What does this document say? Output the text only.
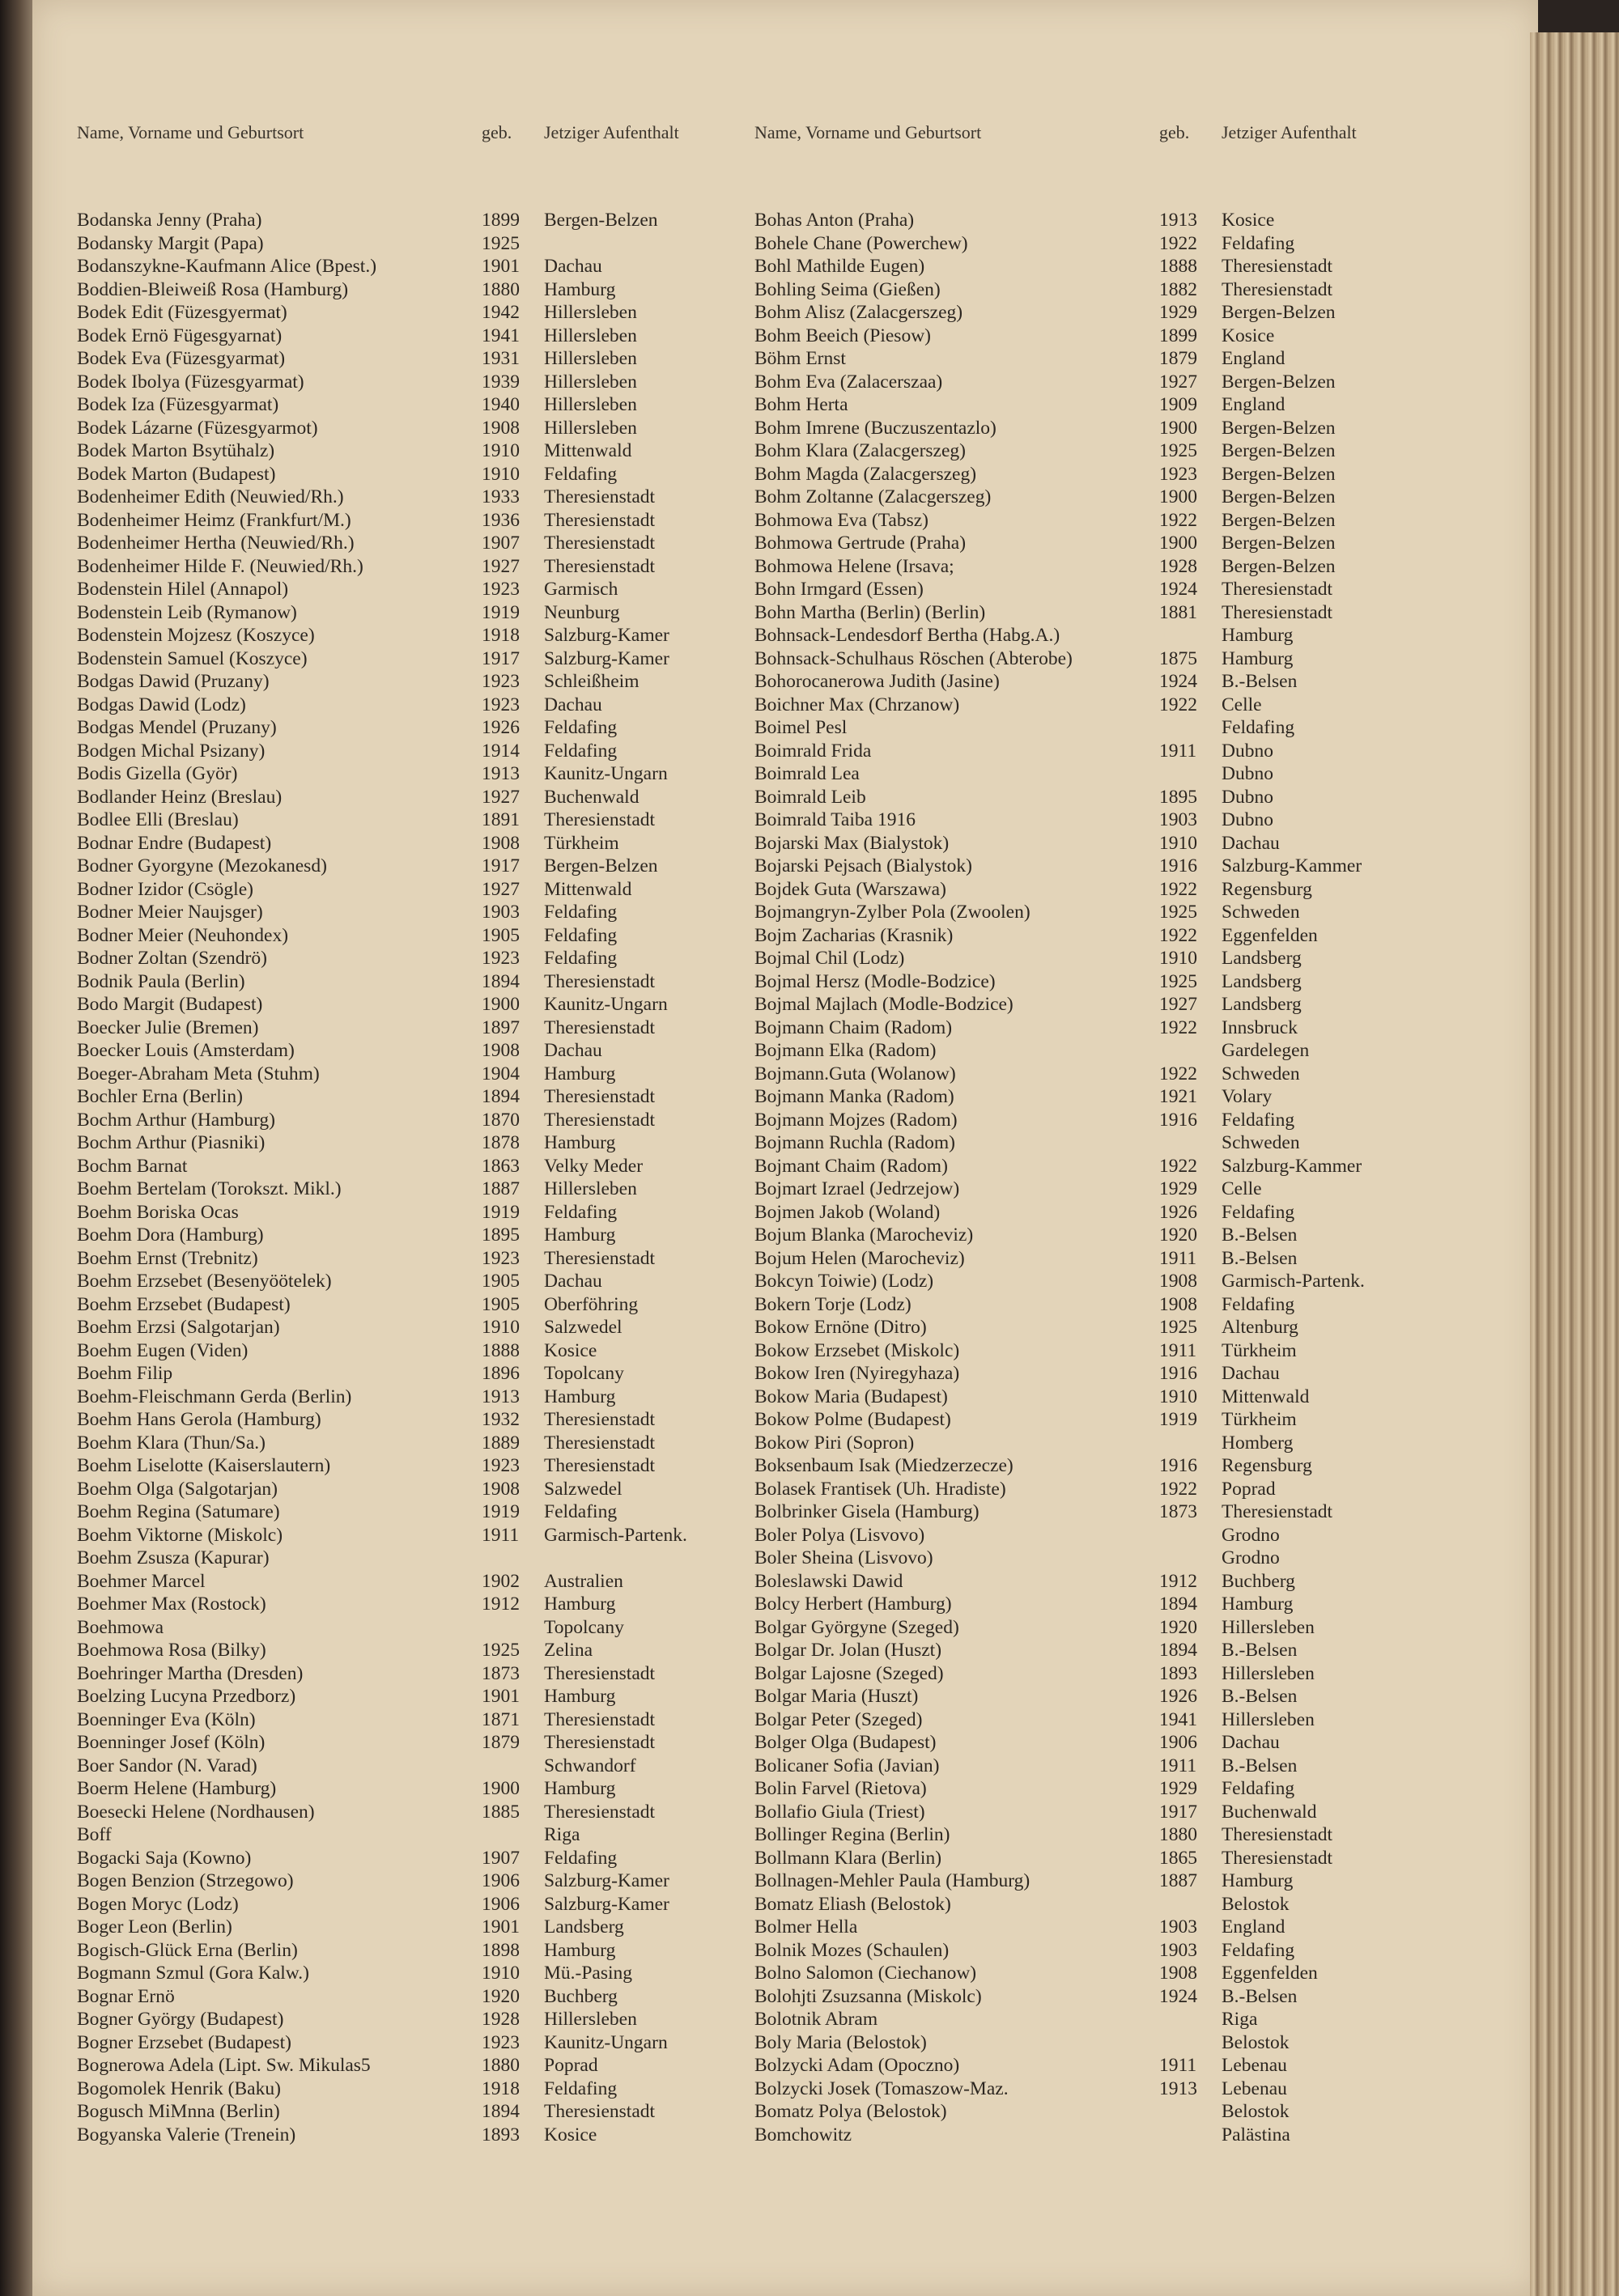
Name, Vorname und Geburtsort	geb.	Jetziger Aufenthalt
Bodanska Jenny (Praha)	1899	Bergen-Belzen
Bodansky Margit (Papa)	1925
Bodanszykne-Kaufmann Alice (Bpest.)	1901	Dachau
Boddien-Bleiweiß Rosa (Hamburg)	1880	Hamburg
Bodek Edit (Füzesgyermat)	1942	Hillersleben
Bodek Ernö Fügesgyarnat)	1941	Hillersleben
Bodek Eva (Füzesgyarmat)	1931	Hillersleben
Bodek Ibolya (Füzesgyarmat)	1939	Hillersleben
Bodek Iza (Füzesgyarmat)	1940	Hillersleben
Bodek Lázarne (Füzesgyarmot)	1908	Hillersleben
Bodek Marton Bsytühalz)	1910	Mittenwald
Bodek Marton (Budapest)	1910	Feldafing
Bodenheimer Edith (Neuwied/Rh.)	1933	Theresienstadt
Bodenheimer Heimz (Frankfurt/M.)	1936	Theresienstadt
Bodenheimer Hertha (Neuwied/Rh.)	1907	Theresienstadt
Bodenheimer Hilde F. (Neuwied/Rh.)	1927	Theresienstadt
Bodenstein Hilel (Annapol)	1923	Garmisch
Bodenstein Leib (Rymanow)	1919	Neunburg
Bodenstein Mojzesz (Koszyce)	1918	Salzburg-Kamer
Bodenstein Samuel (Koszyce)	1917	Salzburg-Kamer
Bodgas Dawid (Pruzany)	1923	Schleißheim
Bodgas Dawid (Lodz)	1923	Dachau
Bodgas Mendel (Pruzany)	1926	Feldafing
Bodgen Michal Psizany)	1914	Feldafing
Bodis Gizella (Györ)	1913	Kaunitz-Ungarn
Bodlander Heinz (Breslau)	1927	Buchenwald
Bodlee Elli (Breslau)	1891	Theresienstadt
Bodnar Endre (Budapest)	1908	Türkheim
Bodner Gyorgyne (Mezokanesd)	1917	Bergen-Belzen
Bodner Izidor (Csögle)	1927	Mittenwald
Bodner Meier Naujsger)	1903	Feldafing
Bodner Meier (Neuhondex)	1905	Feldafing
Bodner Zoltan (Szendrö)	1923	Feldafing
Bodnik Paula (Berlin)	1894	Theresienstadt
Bodo Margit (Budapest)	1900	Kaunitz-Ungarn
Boecker Julie (Bremen)	1897	Theresienstadt
Boecker Louis (Amsterdam)	1908	Dachau
Boeger-Abraham Meta (Stuhm)	1904	Hamburg
Bochler Erna (Berlin)	1894	Theresienstadt
Bochm Arthur (Hamburg)	1870	Theresienstadt
Bochm Arthur (Piasniki)	1878	Hamburg
Bochm Barnat	1863	Velky Meder
Boehm Bertelam (Torokszt. Mikl.)	1887	Hillersleben
Boehm Boriska Ocas	1919	Feldafing
Boehm Dora (Hamburg)	1895	Hamburg
Boehm Ernst (Trebnitz)	1923	Theresienstadt
Boehm Erzsebet (Besenyöötelek)	1905	Dachau
Boehm Erzsebet (Budapest)	1905	Oberföhring
Boehm Erzsi (Salgotarjan)	1910	Salzwedel
Boehm Eugen (Viden)	1888	Kosice
Boehm Filip	1896	Topolcany
Boehm-Fleischmann Gerda (Berlin)	1913	Hamburg
Boehm Hans Gerola (Hamburg)	1932	Theresienstadt
Boehm Klara (Thun/Sa.)	1889	Theresienstadt
Boehm Liselotte (Kaiserslautern)	1923	Theresienstadt
Boehm Olga (Salgotarjan)	1908	Salzwedel
Boehm Regina (Satumare)	1919	Feldafing
Boehm Viktorne (Miskolc)	1911	Garmisch-Partenk.
Boehm Zsusza (Kapurar)
Boehmer Marcel	1902	Australien
Boehmer Max (Rostock)	1912	Hamburg
Boehmowa	Topolcany
Boehmowa Rosa (Bilky)	1925	Zelina
Boehringer Martha (Dresden)	1873	Theresienstadt
Boelzing Lucyna Przedborz)	1901	Hamburg
Boenninger Eva (Köln)	1871	Theresienstadt
Boenninger Josef (Köln)	1879	Theresienstadt
Boer Sandor (N. Varad)	Schwandorf
Boerm Helene (Hamburg)	1900	Hamburg
Boesecki Helene (Nordhausen)	1885	Theresienstadt
Boff	Riga
Bogacki Saja (Kowno)	1907	Feldafing
Bogen Benzion (Strzegowo)	1906	Salzburg-Kamer
Bogen Moryc (Lodz)	1906	Salzburg-Kamer
Boger Leon (Berlin)	1901	Landsberg
Bogisch-Glück Erna (Berlin)	1898	Hamburg
Bogmann Szmul (Gora Kalw.)	1910	Mü.-Pasing
Bognar Ernö	1920	Buchberg
Bogner György (Budapest)	1928	Hillersleben
Bogner Erzsebet (Budapest)	1923	Kaunitz-Ungarn
Bognerowa Adela (Lipt. Sw. Mikulas5	1880	Poprad
Bogomolek Henrik (Baku)	1918	Feldafing
Bogusch MiMnna (Berlin)	1894	Theresienstadt
Bogyanska Valerie (Trenein)	1893	Kosice
Name, Vorname und Geburtsort	geb.	Jetziger Aufenthalt
Bohas Anton (Praha)	1913	Kosice
Bohele Chane (Powerchew)	1922	Feldafing
Bohl Mathilde Eugen)	1888	Theresienstadt
Bohling Seima (Gießen)	1882	Theresienstadt
Bohm Alisz (Zalacgerszeg)	1929	Bergen-Belzen
Bohm Beeich (Piesow)	1899	Kosice
Böhm Ernst	1879	England
Bohm Eva (Zalacerszaa)	1927	Bergen-Belzen
Bohm Herta	1909	England
Bohm Imrene (Buczuszentazlo)	1900	Bergen-Belzen
Bohm Klara (Zalacgerszeg)	1925	Bergen-Belzen
Bohm Magda (Zalacgerszeg)	1923	Bergen-Belzen
Bohm Zoltanne (Zalacgerszeg)	1900	Bergen-Belzen
Bohmowa Eva (Tabsz)	1922	Bergen-Belzen
Bohmowa Gertrude (Praha)	1900	Bergen-Belzen
Bohmowa Helene (Irsava;	1928	Bergen-Belzen
Bohn Irmgard (Essen)	1924	Theresienstadt
Bohn Martha (Berlin) (Berlin)	1881	Theresienstadt
Bohnsack-Lendesdorf Bertha (Habg.A.)	Hamburg
Bohnsack-Schulhaus Röschen (Abterobe)	1875	Hamburg
Bohorocanerowa Judith (Jasine)	1924	B.-Belsen
Boichner Max (Chrzanow)	1922	Celle
Boimel Pesl	Feldafing
Boimrald Frida	1911	Dubno
Boimrald Lea	Dubno
Boimrald Leib	1895	Dubno
Boimrald Taiba 1916	1903	Dubno
Bojarski Max (Bialystok)	1910	Dachau
Bojarski Pejsach (Bialystok)	1916	Salzburg-Kammer
Bojdek Guta (Warszawa)	1922	Regensburg
Bojmangryn-Zylber Pola (Zwoolen)	1925	Schweden
Bojm Zacharias (Krasnik)	1922	Eggenfelden
Bojmal Chil (Lodz)	1910	Landsberg
Bojmal Hersz (Modle-Bodzice)	1925	Landsberg
Bojmal Majlach (Modle-Bodzice)	1927	Landsberg
Bojmann Chaim (Radom)	1922	Innsbruck
Bojmann Elka (Radom)	Gardelegen
Bojmann.Guta (Wolanow)	1922	Schweden
Bojmann Manka (Radom)	1921	Volary
Bojmann Mojzes (Radom)	1916	Feldafing
Bojmann Ruchla (Radom)	Schweden
Bojmant Chaim (Radom)	1922	Salzburg-Kammer
Bojmart Izrael (Jedrzejow)	1929	Celle
Bojmen Jakob (Woland)	1926	Feldafing
Bojum Blanka (Marocheviz)	1920	B.-Belsen
Bojum Helen (Marocheviz)	1911	B.-Belsen
Bokcyn Toiwie) (Lodz)	1908	Garmisch-Partenk.
Bokern Torje (Lodz)	1908	Feldafing
Bokow Ernöne (Ditro)	1925	Altenburg
Bokow Erzsebet (Miskolc)	1911	Türkheim
Bokow Iren (Nyiregyhaza)	1916	Dachau
Bokow Maria (Budapest)	1910	Mittenwald
Bokow Polme (Budapest)	1919	Türkheim
Bokow Piri (Sopron)	Homberg
Boksenbaum Isak (Miedzerzecze)	1916	Regensburg
Bolasek Frantisek (Uh. Hradiste)	1922	Poprad
Bolbrinker Gisela (Hamburg)	1873	Theresienstadt
Boler Polya (Lisvovo)	Grodno
Boler Sheina (Lisvovo)	Grodno
Boleslawski Dawid	1912	Buchberg
Bolcy Herbert (Hamburg)	1894	Hamburg
Bolgar Györgyne (Szeged)	1920	Hillersleben
Bolgar Dr. Jolan (Huszt)	1894	B.-Belsen
Bolgar Lajosne (Szeged)	1893	Hillersleben
Bolgar Maria (Huszt)	1926	B.-Belsen
Bolgar Peter (Szeged)	1941	Hillersleben
Bolger Olga (Budapest)	1906	Dachau
Bolicaner Sofia (Javian)	1911	B.-Belsen
Bolin Farvel (Rietova)	1929	Feldafing
Bollafio Giula (Triest)	1917	Buchenwald
Bollinger Regina (Berlin)	1880	Theresienstadt
Bollmann Klara (Berlin)	1865	Theresienstadt
Bollnagen-Mehler Paula (Hamburg)	1887	Hamburg
Bomatz Eliash (Belostok)	Belostok
Bolmer Hella	1903	England
Bolnik Mozes (Schaulen)	1903	Feldafing
Bolno Salomon (Ciechanow)	1908	Eggenfelden
Bolohjti Zsuzsanna (Miskolc)	1924	B.-Belsen
Bolotnik Abram	Riga
Boly Maria (Belostok)	Belostok
Bolzycki Adam (Opoczno)	1911	Lebenau
Bolzycki Josek (Tomaszow-Maz.	1913	Lebenau
Bomatz Polya (Belostok)	Belostok
Bomchowitz	Palästina
